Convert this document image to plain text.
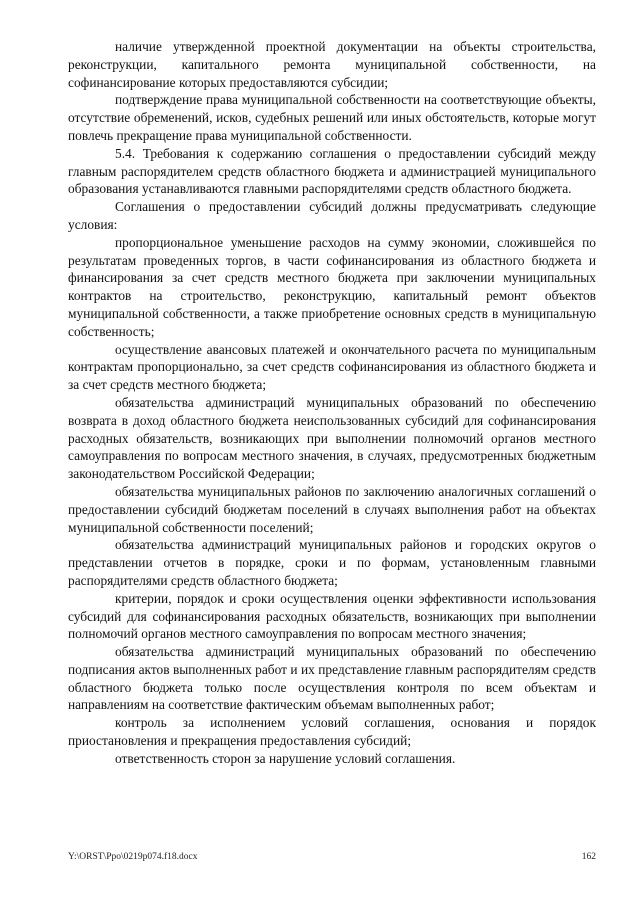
наличие утвержденной проектной документации на объекты строительства, реконструкции, капитального ремонта муниципальной собственности, на софинансирование которых предоставляются субсидии;

подтверждение права муниципальной собственности на соответствующие объекты, отсутствие обременений, исков, судебных решений или иных обстоятельств, которые могут повлечь прекращение права муниципальной собственности.

5.4. Требования к содержанию соглашения о предоставлении субсидий между главным распорядителем средств областного бюджета и администрацией муниципального образования устанавливаются главными распорядителями средств областного бюджета.

Соглашения о предоставлении субсидий должны предусматривать следующие условия:

пропорциональное уменьшение расходов на сумму экономии, сложившейся по результатам проведенных торгов, в части софинансирования из областного бюджета и финансирования за счет средств местного бюджета при заключении муниципальных контрактов на строительство, реконструкцию, капитальный ремонт объектов муниципальной собственности, а также приобретение основных средств в муниципальную собственность;

осуществление авансовых платежей и окончательного расчета по муниципальным контрактам пропорционально, за счет средств софинансирования из областного бюджета и за счет средств местного бюджета;

обязательства администраций муниципальных образований по обеспечению возврата в доход областного бюджета неиспользованных субсидий для софинансирования расходных обязательств, возникающих при выполнении полномочий органов местного самоуправления по вопросам местного значения, в случаях, предусмотренных бюджетным законодательством Российской Федерации;

обязательства муниципальных районов по заключению аналогичных соглашений о предоставлении субсидий бюджетам поселений в случаях выполнения работ на объектах муниципальной собственности поселений;

обязательства администраций муниципальных районов и городских округов о представлении отчетов в порядке, сроки и по формам, установленным главными распорядителями средств областного бюджета;

критерии, порядок и сроки осуществления оценки эффективности использования субсидий для софинансирования расходных обязательств, возникающих при выполнении полномочий органов местного самоуправления по вопросам местного значения;

обязательства администраций муниципальных образований по обеспечению подписания актов выполненных работ и их представление главным распорядителям средств областного бюджета только после осуществления контроля по всем объектам и направлениям на соответствие фактическим объемам выполненных работ;

контроль за исполнением условий соглашения, основания и порядок приостановления и прекращения предоставления субсидий;

ответственность сторон за нарушение условий соглашения.

Y:\ORST\Ppo\0219p074.f18.docx	162
